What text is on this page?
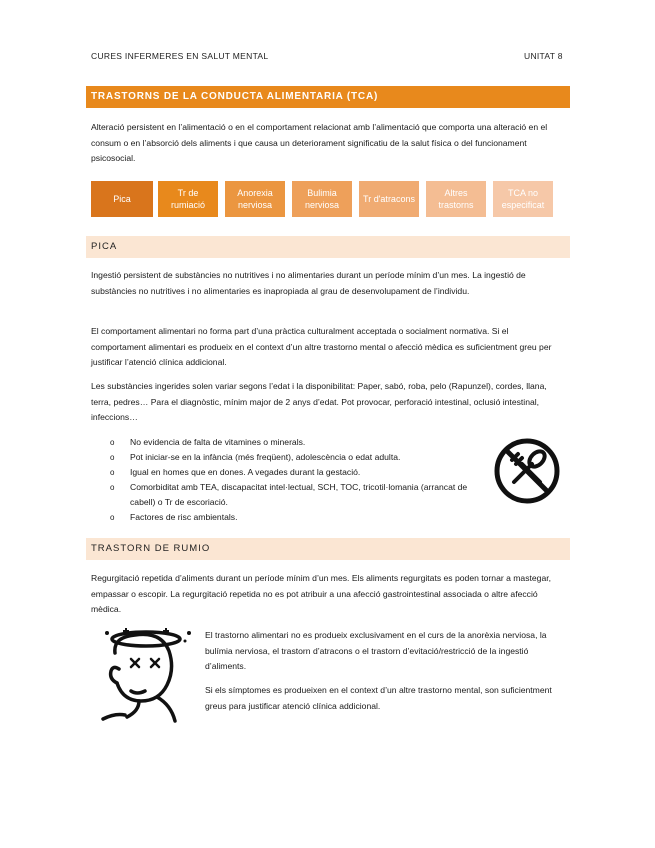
CURES INFERMERES EN SALUT MENTAL	UNITAT 8
TRASTORNS DE LA CONDUCTA ALIMENTARIA (TCA)
Alteració persistent en l’alimentació o en el comportament relacionat amb l’alimentació que comporta una alteració en el consum o en l’absorció dels aliments i que causa un deteriorament significatiu de la salut física o del funcionament psicosocial.
Pica
Tr de rumiació
Anorexia nerviosa
Bulimia nerviosa
Tr d'atracons
Altres trastorns
TCA no especificat
PICA
Ingestió persistent de substàncies no nutritives i no alimentaries durant un període mínim d’un mes. La ingestió de substàncies no nutritives i no alimentaries es inapropiada al grau de desenvolupament de l’individu.
El comportament alimentari no forma part d’una pràctica culturalment acceptada o socialment normativa. Si el comportament alimentari es produeix en el context d’un altre trastorno mental o afecció mèdica es suficientment greu per justificar l’atenció clínica addicional.
Les substàncies ingerides solen variar segons l’edat i la disponibilitat: Paper, sabó, roba, pelo (Rapunzel), cordes, llana, terra, pedres… Para el diagnòstic, mínim major de 2 anys d’edat. Pot provocar, perforació intestinal, oclusió intestinal, infeccions…
o No evidencia de falta de vitamines o minerals.
o Pot iniciar-se en la infància (més freqüent), adolescència o edat adulta.
o Igual en homes que en dones. A vegades durant la gestació.
o Comorbiditat amb TEA, discapacitat intel·lectual, SCH, TOC, tricotil·lomania (arrancat de cabell) o Tr de escoriació.
o Factores de risc ambientals.
TRASTORN DE RUMIO
Regurgitació repetida d’aliments durant un període mínim d’un mes. Els aliments regurgitats es poden tornar a mastegar, empassar o escopir. La regurgitació repetida no es pot atribuir a una afecció gastrointestinal associada o altre afecció mèdica.
El trastorno alimentari no es produeix exclusivament en el curs de la anorèxia nerviosa, la bulímia nerviosa, el trastorn d’atracons o el trastorn d’evitació/restricció de la ingestió d’aliments.
Si els símptomes es produeixen en el context d’un altre trastorno mental, son suficientment greus para justificar atenció clínica addicional.
